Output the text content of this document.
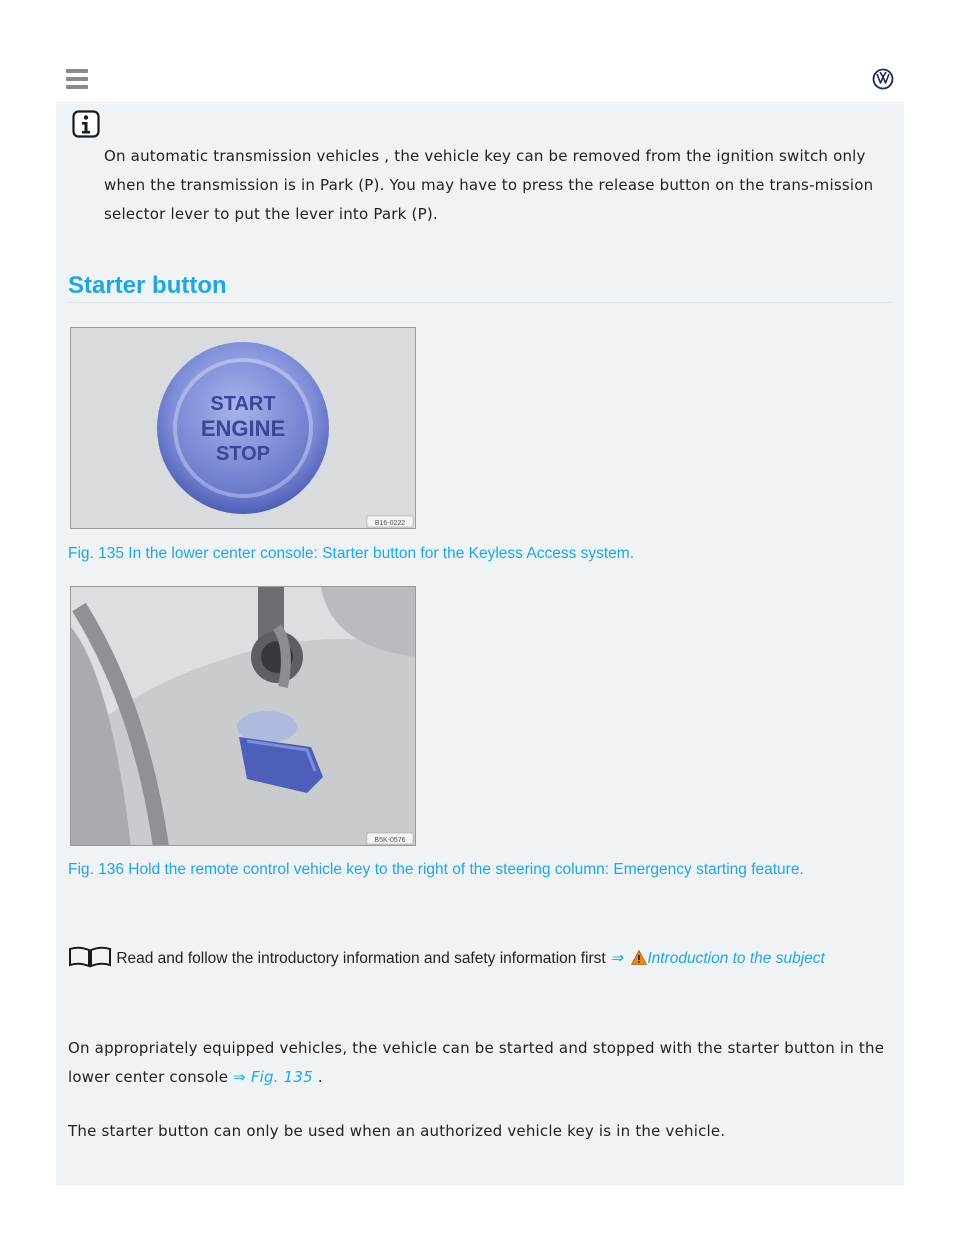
On automatic transmission vehicles , the vehicle key can be removed from the ignition switch only when the transmission is in Park (P). You may have to press the release button on the trans-mission selector lever to put the lever into Park (P).
Starter button
START
ENGINE
STOP
B16-0222
Fig. 135 In the lower center console: Starter button for the Keyless Access system.
B5K-0576
Fig. 136 Hold the remote control vehicle key to the right of the steering column: Emergency starting feature.
Read and follow the introductory information and safety information first ⇒ Introduction to the subject
On appropriately equipped vehicles, the vehicle can be started and stopped with the starter button in the lower center console ⇒ Fig. 135 .
The starter button can only be used when an authorized vehicle key is in the vehicle.
